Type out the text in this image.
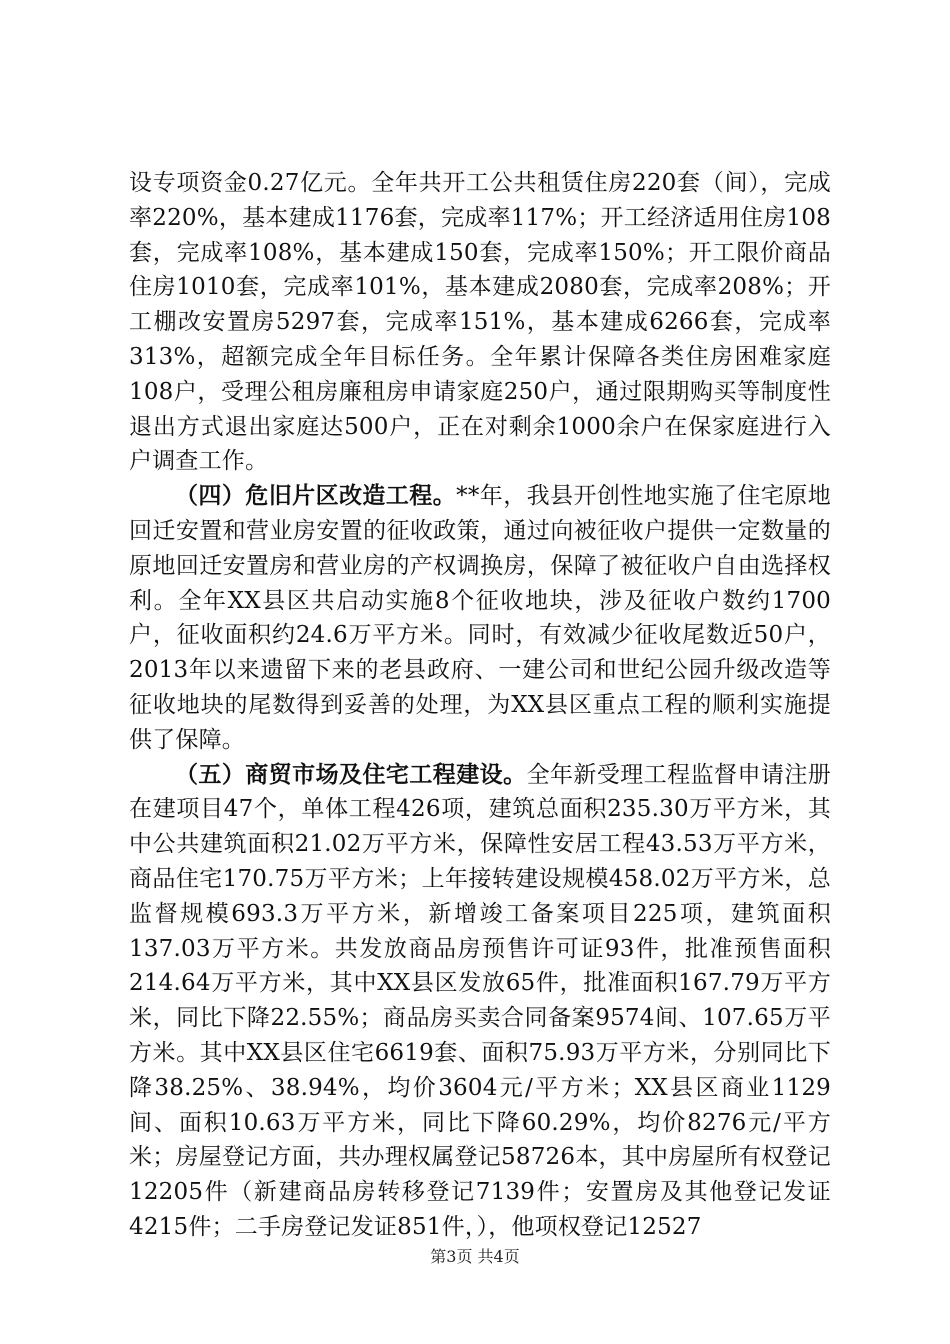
设专项资金0.27亿元。全年共开工公共租赁住房220套（间），完成率220%，基本建成1176套，完成率117%；开工经济适用住房108套，完成率108%，基本建成150套，完成率150%；开工限价商品住房1010套，完成率101%，基本建成2080套，完成率208%；开工棚改安置房5297套，完成率151%，基本建成6266套，完成率313%，超额完成全年目标任务。全年累计保障各类住房困难家庭108户，受理公租房廉租房申请家庭250户，通过限期购买等制度性退出方式退出家庭达500户，正在对剩余1000余户在保家庭进行入户调查工作。

（四）危旧片区改造工程。**年，我县开创性地实施了住宅原地回迁安置和营业房安置的征收政策，通过向被征收户提供一定数量的原地回迁安置房和营业房的产权调换房，保障了被征收户自由选择权利。全年XX县区共启动实施8个征收地块，涉及征收户数约1700户，征收面积约24.6万平方米。同时，有效减少征收尾数近50户，2013年以来遗留下来的老县政府、一建公司和世纪公园升级改造等征收地块的尾数得到妥善的处理，为XX县区重点工程的顺利实施提供了保障。

（五）商贸市场及住宅工程建设。全年新受理工程监督申请注册在建项目47个，单体工程426项，建筑总面积235.30万平方米，其中公共建筑面积21.02万平方米，保障性安居工程43.53万平方米，商品住宅170.75万平方米；上年接转建设规模458.02万平方米，总监督规模693.3万平方米，新增竣工备案项目225项，建筑面积137.03万平方米。共发放商品房预售许可证93件，批准预售面积214.64万平方米，其中XX县区发放65件，批准面积167.79万平方米，同比下降22.55%；商品房买卖合同备案9574间、107.65万平方米。其中XX县区住宅6619套、面积75.93万平方米，分别同比下降38.25%、38.94%，均价3604元/平方米；XX县区商业1129间、面积10.63万平方米，同比下降60.29%，均价8276元/平方米；房屋登记方面，共办理权属登记58726本，其中房屋所有权登记12205件（新建商品房转移登记7139件；安置房及其他登记发证4215件；二手房登记发证851件，），他项权登记12527

第3页 共4页
